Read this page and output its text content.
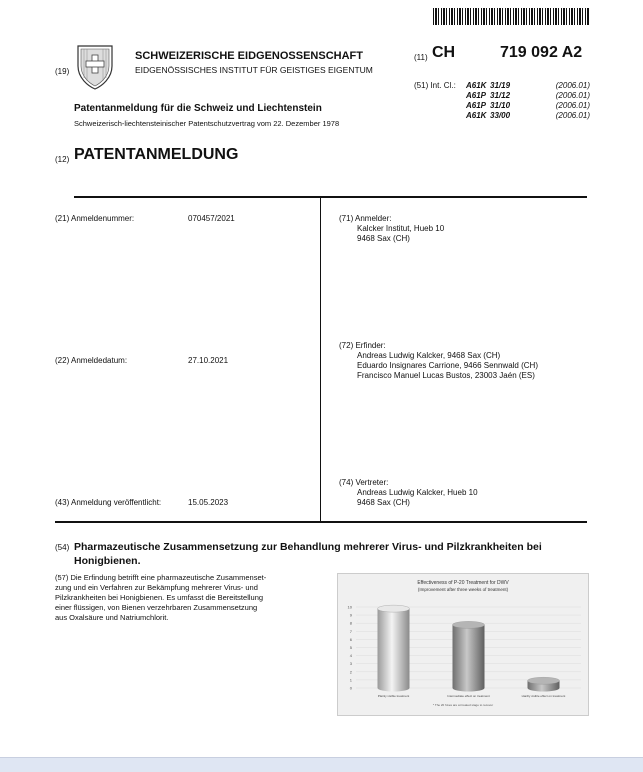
(19)
SCHWEIZERISCHE EIDGENOSSENSCHAFT
EIDGENÖSSISCHES INSTITUT FÜR GEISTIGES EIGENTUM
(11) CH	719 092 A2
(51) Int. Cl.: A61K 31/19	(2006.01)
A61P 31/12	(2006.01)
A61P 31/10	(2006.01)
A61K 33/00	(2006.01)
Patentanmeldung für die Schweiz und Liechtenstein
Schweizerisch-liechtensteinischer Patentschutzvertrag vom 22. Dezember 1978
(12) PATENTANMELDUNG
(21) Anmeldenummer:	070457/2021
(22) Anmeldedatum:	27.10.2021
(43) Anmeldung veröffentlicht:	15.05.2023
(71) Anmelder:
Kalcker Institut, Hueb 10
9468 Sax (CH)
(72) Erfinder:
Andreas Ludwig Kalcker, 9468 Sax (CH)
Eduardo Insignares Carrione, 9466 Sennwald (CH)
Francisco Manuel Lucas Bustos, 23003 Jaén (ES)
(74) Vertreter:
Andreas Ludwig Kalcker, Hueb 10
9468 Sax (CH)
(54) Pharmazeutische Zusammensetzung zur Behandlung mehrerer Virus- und Pilzkrankheiten bei Honigbienen.
(57) Die Erfindung betrifft eine pharmazeutische Zusammenset-
zung und ein Verfahren zur Bekämpfung mehrerer Virus- und
Pilzkrankheiten bei Honigbienen. Es umfasst die Bereitstellung
einer flüssigen, von Bienen verzehrbaren Zusammensetzung
aus Oxalsäure und Natriumchlorit.
Effectiveness of P-20 Treatment for DWV
(Improvement after three weeks of treatment)
* The 20 hives are at treated stage to recover
0
1
2
3
4
5
6
7
8
9
10
Plainly visible treatment	Intermediate effect on treatment	Hardly visible effect on treatment
